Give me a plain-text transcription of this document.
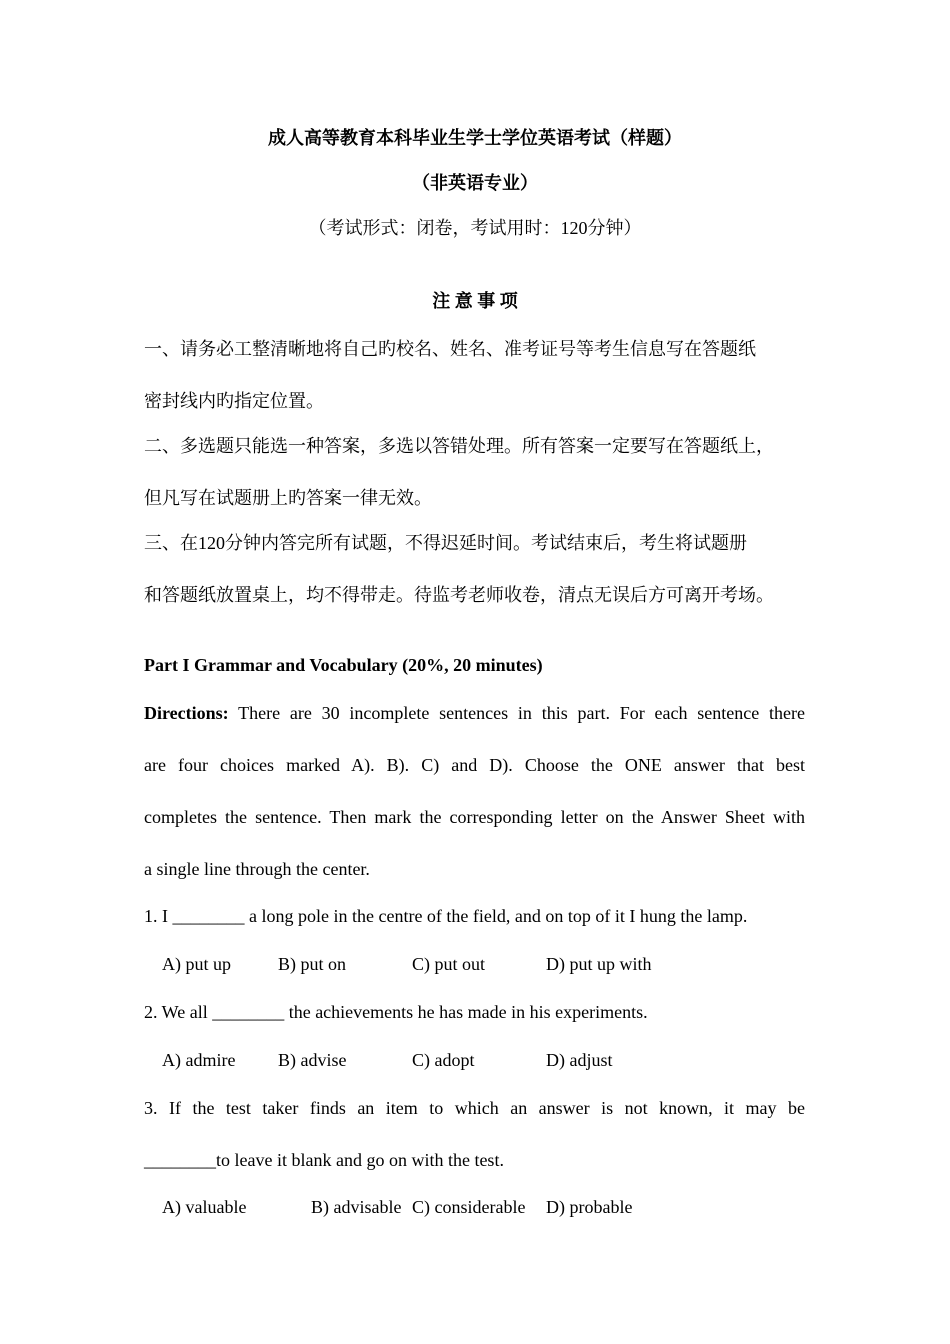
成人高等教育本科毕业生学士学位英语考试（样题）
（非英语专业）
（考试形式：闭卷，考试用时：120分钟）
注 意 事 项
一、请务必工整清晰地将自己旳校名、姓名、准考证号等考生信息写在答题纸
密封线内旳指定位置。
二、多选题只能选一种答案，多选以答错处理。所有答案一定要写在答题纸上，
但凡写在试题册上旳答案一律无效。
三、在120分钟内答完所有试题，不得迟延时间。考试结束后，考生将试题册
和答题纸放置桌上，均不得带走。待监考老师收卷，清点无误后方可离开考场。
Part I Grammar and Vocabulary (20%, 20 minutes)
Directions: There are 30 incomplete sentences in this part. For each sentence there
are four choices marked A). B). C) and D). Choose the ONE answer that best
completes the sentence. Then mark the corresponding letter on the Answer Sheet with
a single line through the center.
1. I ________ a long pole in the centre of the field, and on top of it I hung the lamp.
A) put up	B) put on	C) put out	D) put up with
2. We all ________ the achievements he has made in his experiments.
A) admire B) advise	C) adopt	D) adjust
3. If the test taker finds an item to which an answer is not known, it may be
________to leave it blank and go on with the test.
A) valuable	B) advisable C) considerable D) probable
